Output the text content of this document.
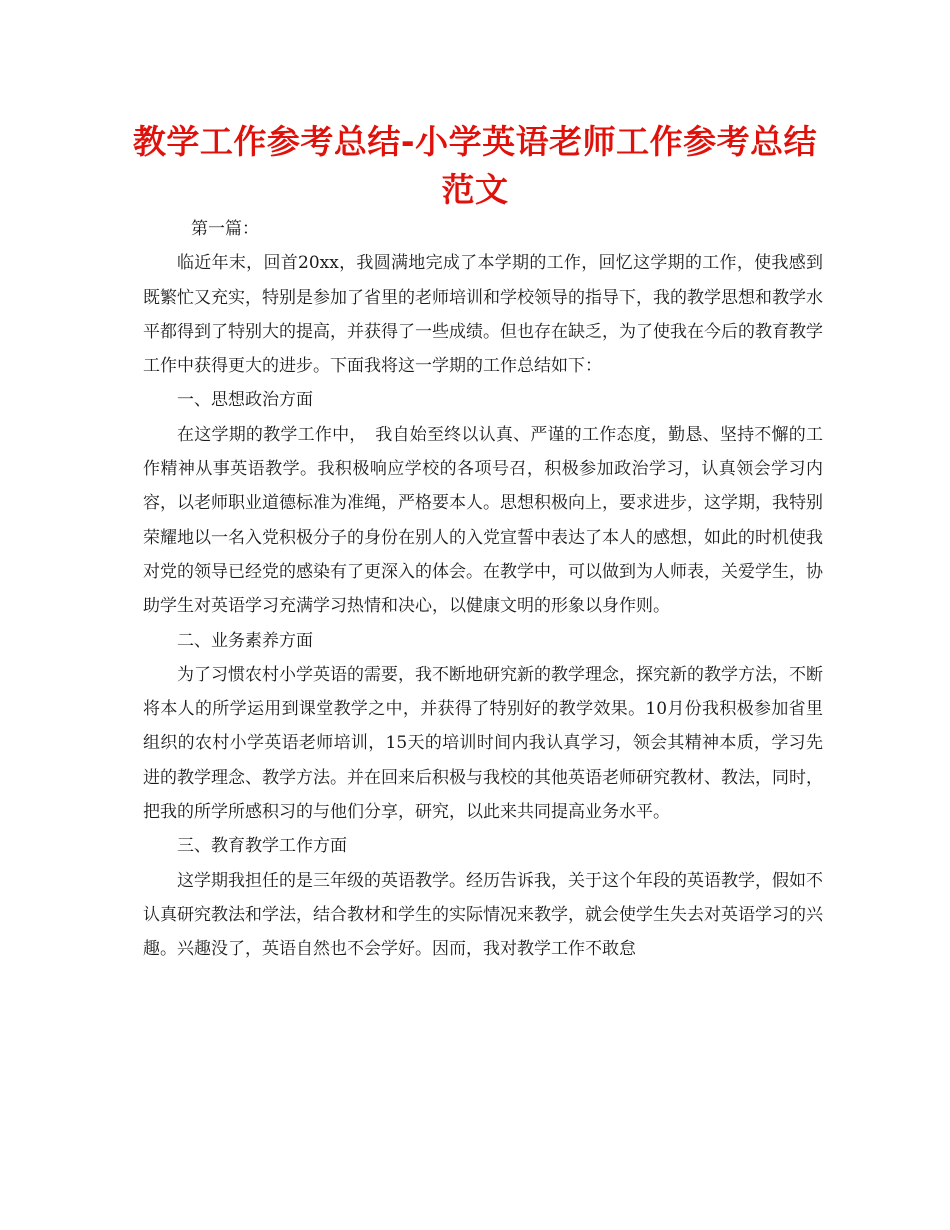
教学工作参考总结-小学英语老师工作参考总结范文

第一篇：

临近年末，回首20xx，我圆满地完成了本学期的工作，回忆这学期的工作，使我感到既繁忙又充实，特别是参加了省里的老师培训和学校领导的指导下，我的教学思想和教学水平都得到了特别大的提高，并获得了一些成绩。但也存在缺乏，为了使我在今后的教育教学工作中获得更大的进步。下面我将这一学期的工作总结如下：

一、思想政治方面

在这学期的教学工作中，　我自始至终以认真、严谨的工作态度，勤恳、坚持不懈的工作精神从事英语教学。我积极响应学校的各项号召，积极参加政治学习，认真领会学习内容，以老师职业道德标准为准绳，严格要本人。思想积极向上，要求进步，这学期，我特别荣耀地以一名入党积极分子的身份在别人的入党宣誓中表达了本人的感想，如此的时机使我对党的领导已经党的感染有了更深入的体会。在教学中，可以做到为人师表，关爱学生，协助学生对英语学习充满学习热情和决心，以健康文明的形象以身作则。

二、业务素养方面

为了习惯农村小学英语的需要，我不断地研究新的教学理念，探究新的教学方法，不断将本人的所学运用到课堂教学之中，并获得了特别好的教学效果。10月份我积极参加省里组织的农村小学英语老师培训，15天的培训时间内我认真学习，领会其精神本质，学习先进的教学理念、教学方法。并在回来后积极与我校的其他英语老师研究教材、教法，同时，把我的所学所感积习的与他们分享，研究，以此来共同提高业务水平。

三、教育教学工作方面

这学期我担任的是三年级的英语教学。经历告诉我，关于这个年段的英语教学，假如不认真研究教法和学法，结合教材和学生的实际情况来教学，就会使学生失去对英语学习的兴趣。兴趣没了，英语自然也不会学好。因而，我对教学工作不敢怠
